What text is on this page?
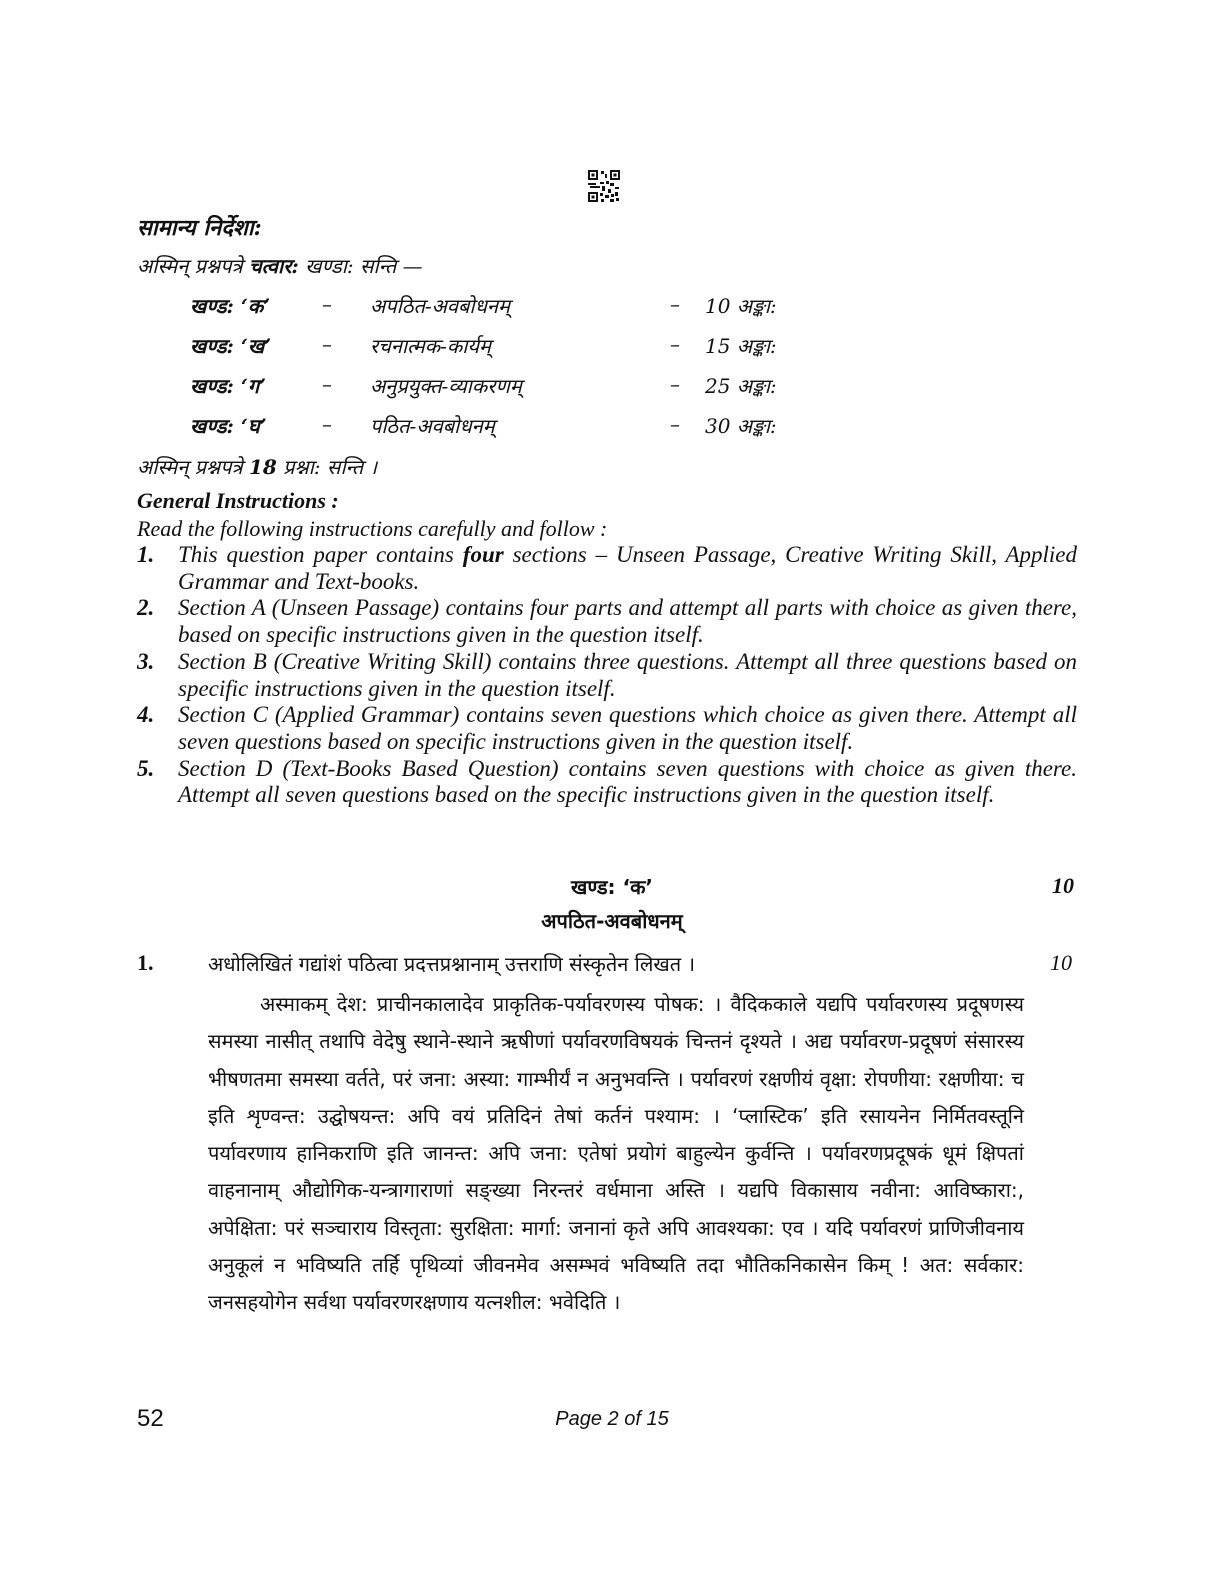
सामान्य निर्देशा:
अस्मिन् प्रश्नपत्रे चत्वार: खण्डा: सन्ति —
खण्ड: ‘क’	– अपठित-अवबोधनम्	– 10 अङ्का:
खण्ड: ‘ख’	– रचनात्मक-कार्यम्	– 15 अङ्का:
खण्ड: ‘ग’	– अनुप्रयुक्त-व्याकरणम्	– 25 अङ्का:
खण्ड: ‘घ’	– पठित-अवबोधनम्	– 30 अङ्का:
अस्मिन् प्रश्नपत्रे 18 प्रश्ना: सन्ति ।
General Instructions :
Read the following instructions carefully and follow :
1.	This question paper contains four sections – Unseen Passage, Creative Writing Skill, Applied Grammar and Text-books.
2.	Section A (Unseen Passage) contains four parts and attempt all parts with choice as given there, based on specific instructions given in the question itself.
3.	Section B (Creative Writing Skill) contains three questions. Attempt all three questions based on specific instructions given in the question itself.
4.	Section C (Applied Grammar) contains seven questions which choice as given there. Attempt all seven questions based on specific instructions given in the question itself.
5.	Section D (Text-Books Based Question) contains seven questions with choice as given there. Attempt all seven questions based on the specific instructions given in the question itself.
खण्ड: ‘क’	10
अपठित-अवबोधनम्
1.	अधोलिखितं गद्यांशं पठित्वा प्रदत्तप्रश्नानाम् उत्तराणि संस्कृतेन लिखत ।	10
अस्माकम् देश: प्राचीनकालादेव प्राकृतिक-पर्यावरणस्य पोषक: । वैदिककाले यद्यपि पर्यावरणस्य प्रदूषणस्य समस्या नासीत् तथापि वेदेषु स्थाने-स्थाने ऋषीणां पर्यावरणविषयकं चिन्तनं दृश्यते । अद्य पर्यावरण-प्रदूषणं संसारस्य भीषणतमा समस्या वर्तते, परं जना: अस्या: गाम्भीर्यं न अनुभवन्ति । पर्यावरणं रक्षणीयं वृक्षा: रोपणीया: रक्षणीया: च इति शृण्वन्त: उद्घोषयन्त: अपि वयं प्रतिदिनं तेषां कर्तनं पश्याम: । ‘प्लास्टिक’ इति रसायनेन निर्मितवस्तूनि पर्यावरणाय हानिकराणि इति जानन्त: अपि जना: एतेषां प्रयोगं बाहुल्येन कुर्वन्ति । पर्यावरणप्रदूषकं धूमं क्षिपतां वाहनानाम् औद्योगिक-यन्त्रागाराणां सङ्ख्या निरन्तरं वर्धमाना अस्ति । यद्यपि विकासाय नवीना: आविष्कारा:, अपेक्षिता: परं सञ्चाराय विस्तृता: सुरक्षिता: मार्गा: जनानां कृते अपि आवश्यका: एव । यदि पर्यावरणं प्राणिजीवनाय अनुकूलं न भविष्यति तर्हि पृथिव्यां जीवनमेव असम्भवं भविष्यति तदा भौतिकनिकासेन किम् ! अत: सर्वकार: जनसहयोगेन सर्वथा पर्यावरणरक्षणाय यत्नशील: भवेदिति ।
52	Page 2 of 15
